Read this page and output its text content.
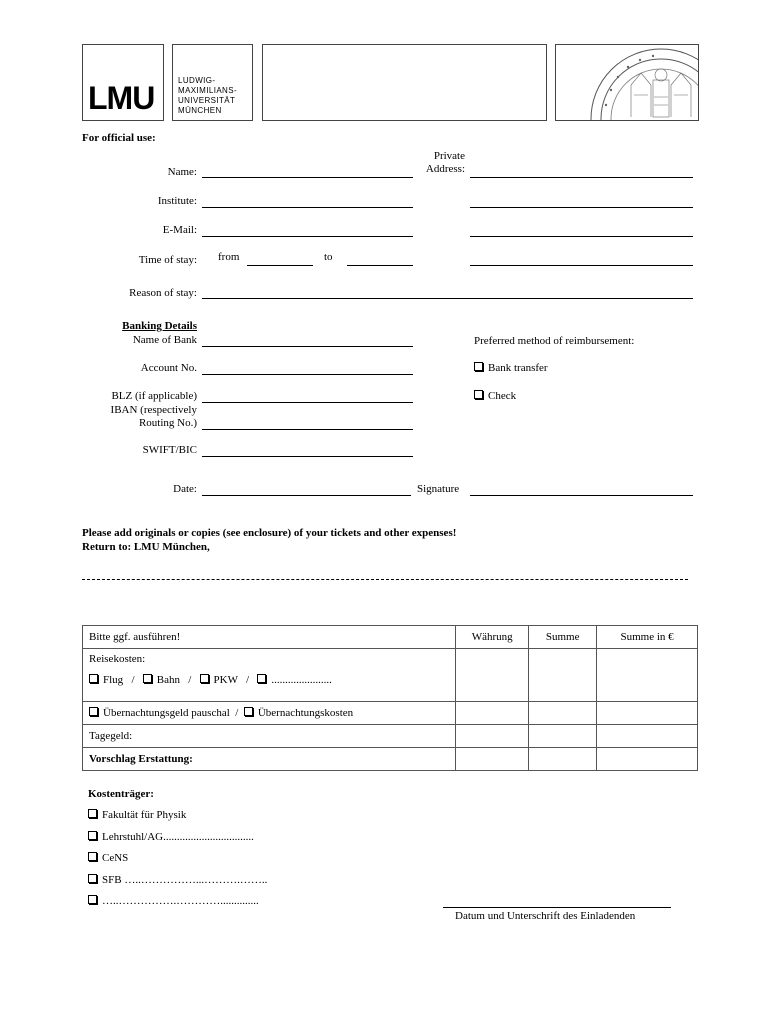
LMU	LUDWIG-
MAXIMILIANS-
UNIVERSITÄT
MÜNCHEN
For official use:
Name:
Private
Address:
Institute:
E-Mail:
Time of stay: from	to
Reason of stay:
Banking Details
Name of Bank	Preferred method of reimbursement:
Account No.	Bank transfer
BLZ (if applicable)	Check
IBAN (respectively
Routing No.)
SWIFT/BIC
Date:	Signature
Please add originals or copies (see enclosure) of your tickets and other expenses!
Return to: LMU München,
Bitte ggf. ausführen!	Währung	Summe	Summe in €

Reisekosten:
Flug   /   Bahn   /   PKW   /   ......................			

Übernachtungsgeld pauschal  /  Übernachtungskosten			
Tagegeld:			
Vorschlag Erstattung:			
Kostenträger:
Fakultät für Physik
Lehrstuhl/AG.................................
CeNS
SFB …..……………...……….……..
…..…………….…………..............
Datum und Unterschrift des Einladenden
